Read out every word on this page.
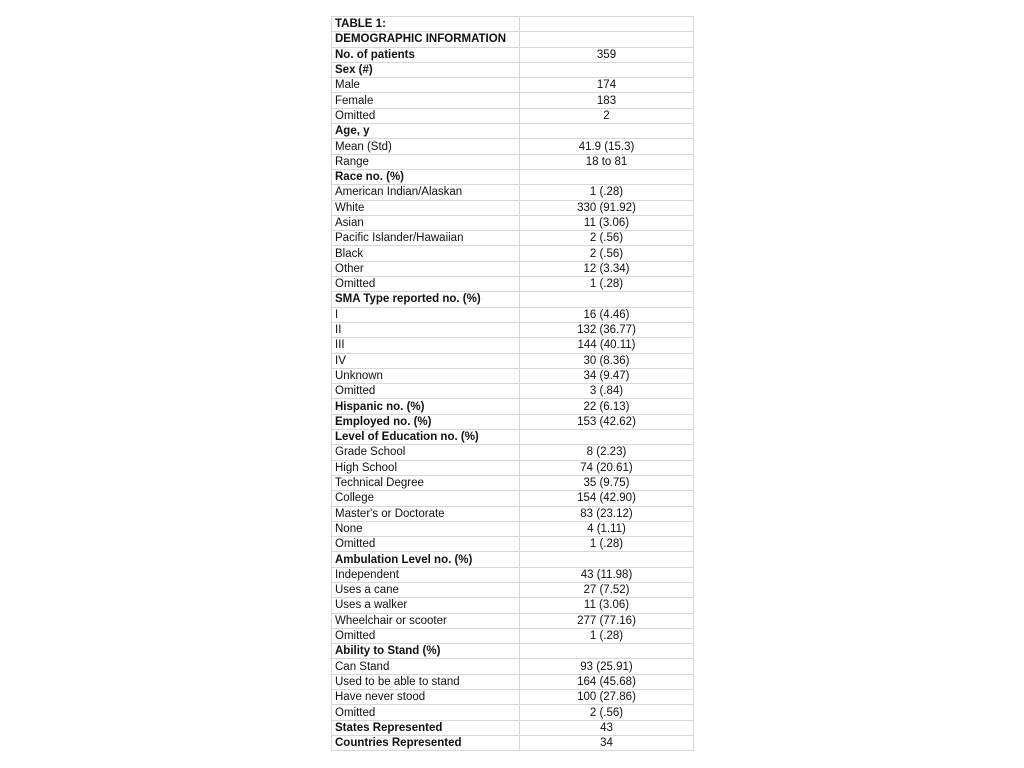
TABLE 1:	
DEMOGRAPHIC INFORMATION	
No. of patients	359
Sex (#)	
Male	174
Female	183
Omitted	2
Age, y	
Mean (Std)	41.9 (15.3)
Range	18 to 81
Race no. (%)	
American Indian/Alaskan	1 (.28)
White	330 (91.92)
Asian	11 (3.06)
Pacific Islander/Hawaiian	2 (.56)
Black	2 (.56)
Other	12 (3.34)
Omitted	1 (.28)
SMA Type reported no. (%)	
I	16 (4.46)
II	132 (36.77)
III	144 (40.11)
IV	30 (8.36)
Unknown	34 (9.47)
Omitted	3 (.84)
Hispanic no. (%)	22 (6.13)
Employed no. (%)	153 (42.62)
Level of Education no. (%)	
Grade School	8 (2.23)
High School	74 (20.61)
Technical Degree	35 (9.75)
College	154 (42.90)
Master's or Doctorate	83 (23.12)
None	4 (1.11)
Omitted	1 (.28)
Ambulation Level no. (%)	
Independent	43 (11.98)
Uses a cane	27 (7.52)
Uses a walker	11 (3.06)
Wheelchair or scooter	277 (77.16)
Omitted	1 (.28)
Ability to Stand (%)	
Can Stand	93 (25.91)
Used to be able to stand	164 (45.68)
Have never stood	100 (27.86)
Omitted	2 (.56)
States Represented	43
Countries Represented	34
